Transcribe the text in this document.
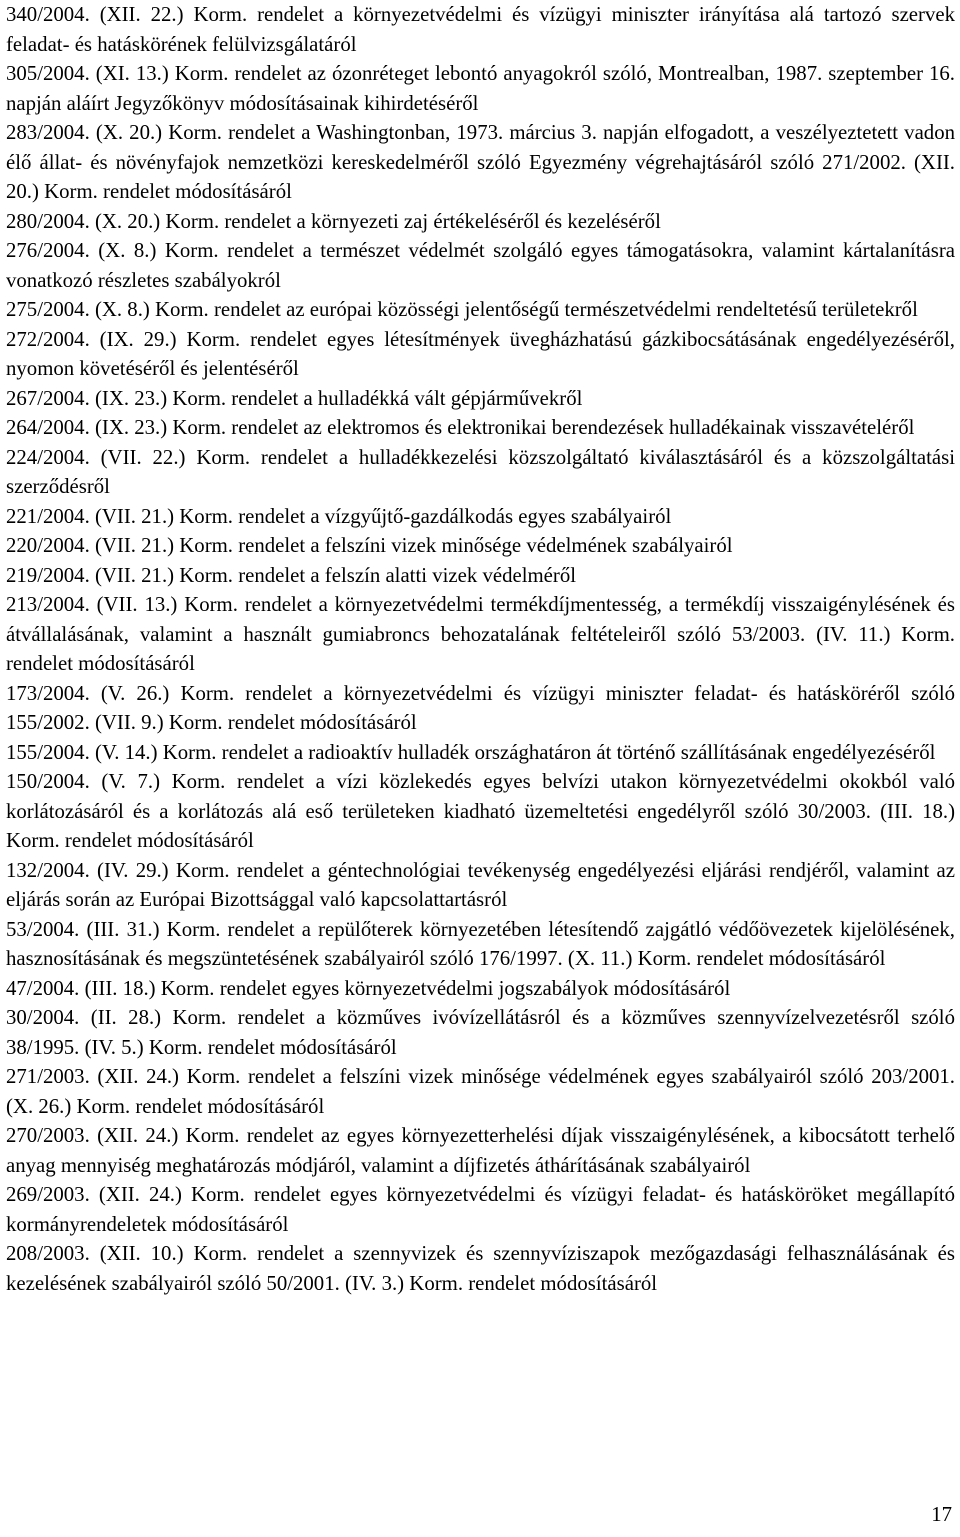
340/2004. (XII. 22.) Korm. rendelet a környezetvédelmi és vízügyi miniszter irányítása alá tartozó szervek feladat- és hatáskörének felülvizsgálatáról

305/2004. (XI. 13.) Korm. rendelet az ózonréteget lebontó anyagokról szóló, Montrealban, 1987. szeptember 16. napján aláírt Jegyzőkönyv módosításainak kihirdetéséről

283/2004. (X. 20.) Korm. rendelet a Washingtonban, 1973. március 3. napján elfogadott, a veszélyeztetett vadon élő állat- és növényfajok nemzetközi kereskedelméről szóló Egyezmény végrehajtásáról szóló 271/2002. (XII. 20.) Korm. rendelet módosításáról

280/2004. (X. 20.) Korm. rendelet a környezeti zaj értékeléséről és kezeléséről

276/2004. (X. 8.) Korm. rendelet a természet védelmét szolgáló egyes támogatásokra, valamint kártalanításra vonatkozó részletes szabályokról

275/2004. (X. 8.) Korm. rendelet az európai közösségi jelentőségű természetvédelmi rendeltetésű területekről

272/2004. (IX. 29.) Korm. rendelet egyes létesítmények üvegházhatású gázkibocsátásának engedélyezéséről, nyomon követéséről és jelentéséről

267/2004. (IX. 23.) Korm. rendelet a hulladékká vált gépjárművekről

264/2004. (IX. 23.) Korm. rendelet az elektromos és elektronikai berendezések hulladékainak visszavételéről

224/2004. (VII. 22.) Korm. rendelet a hulladékkezelési közszolgáltató kiválasztásáról és a közszolgáltatási szerződésről

221/2004. (VII. 21.) Korm. rendelet a vízgyűjtő-gazdálkodás egyes szabályairól

220/2004. (VII. 21.) Korm. rendelet a felszíni vizek minősége védelmének szabályairól

219/2004. (VII. 21.) Korm. rendelet a felszín alatti vizek védelméről

213/2004. (VII. 13.) Korm. rendelet a környezetvédelmi termékdíjmentesség, a termékdíj visszaigénylésének és átvállalásának, valamint a használt gumiabroncs behozatalának feltételeiről szóló 53/2003. (IV. 11.) Korm. rendelet módosításáról

173/2004. (V. 26.) Korm. rendelet a környezetvédelmi és vízügyi miniszter feladat- és hatásköréről szóló 155/2002. (VII. 9.) Korm. rendelet módosításáról

155/2004. (V. 14.) Korm. rendelet a radioaktív hulladék országhatáron át történő szállításának engedélyezéséről

150/2004. (V. 7.) Korm. rendelet a vízi közlekedés egyes belvízi utakon környezetvédelmi okokból való korlátozásáról és a korlátozás alá eső területeken kiadható üzemeltetési engedélyről szóló 30/2003. (III. 18.) Korm. rendelet módosításáról

132/2004. (IV. 29.) Korm. rendelet a géntechnológiai tevékenység engedélyezési eljárási rendjéről, valamint az eljárás során az Európai Bizottsággal való kapcsolattartásról

53/2004. (III. 31.) Korm. rendelet a repülőterek környezetében létesítendő zajgátló védőövezetek kijelölésének, hasznosításának és megszüntetésének szabályairól szóló 176/1997. (X. 11.) Korm. rendelet módosításáról

47/2004. (III. 18.) Korm. rendelet egyes környezetvédelmi jogszabályok módosításáról

30/2004. (II. 28.) Korm. rendelet a közműves ivóvízellátásról és a közműves szennyvízelvezetésről szóló 38/1995. (IV. 5.) Korm. rendelet módosításáról

271/2003. (XII. 24.) Korm. rendelet a felszíni vizek minősége védelmének egyes szabályairól szóló 203/2001. (X. 26.) Korm. rendelet módosításáról

270/2003. (XII. 24.) Korm. rendelet az egyes környezetterhelési díjak visszaigénylésének, a kibocsátott terhelő anyag mennyiség meghatározás módjáról, valamint a díjfizetés áthárításának szabályairól

269/2003. (XII. 24.) Korm. rendelet egyes környezetvédelmi és vízügyi feladat- és hatásköröket megállapító kormányrendeletek módosításáról

208/2003. (XII. 10.) Korm. rendelet a szennyvizek és szennyvíziszapok mezőgazdasági felhasználásának és kezelésének szabályairól szóló 50/2001. (IV. 3.) Korm. rendelet módosításáról

17
